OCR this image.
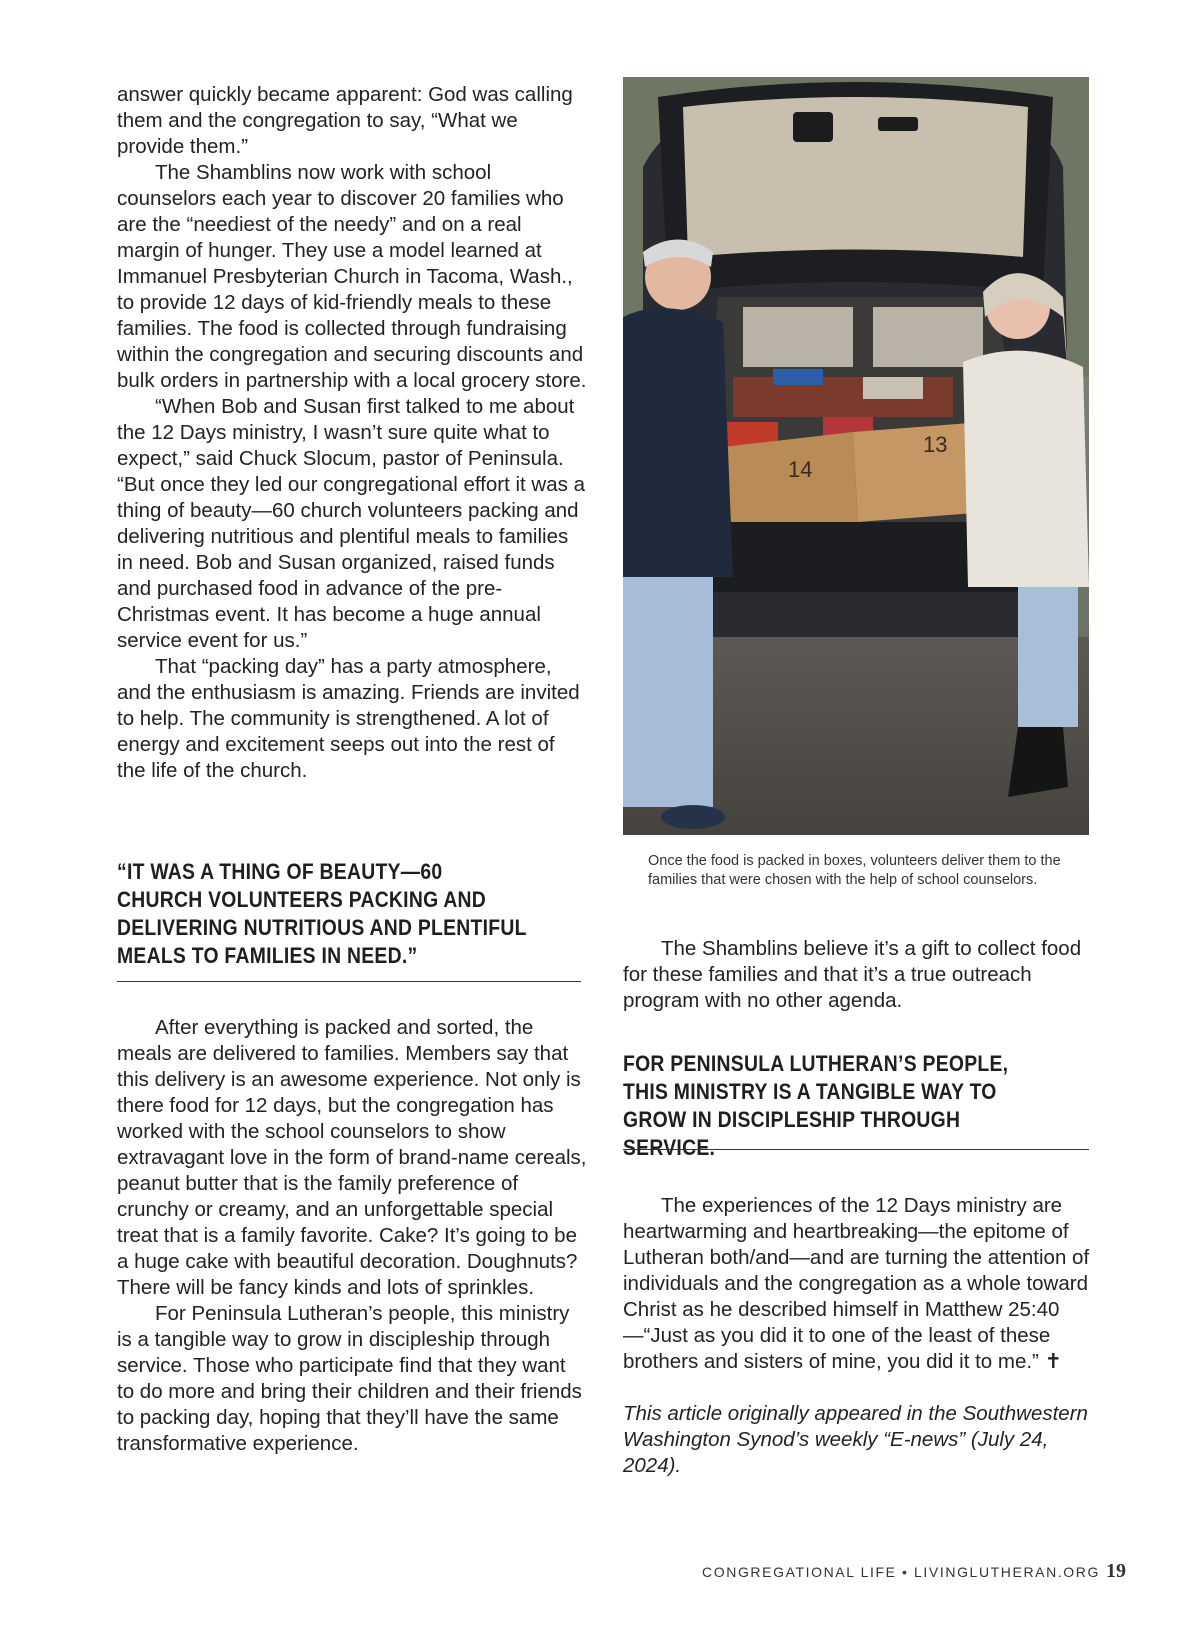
answer quickly became apparent: God was calling them and the congregation to say, “What we provide them.”

The Shamblins now work with school counselors each year to discover 20 families who are the “neediest of the needy” and on a real margin of hunger. They use a model learned at Immanuel Presbyterian Church in Tacoma, Wash., to provide 12 days of kid-friendly meals to these families. The food is collected through fundraising within the congregation and securing discounts and bulk orders in partnership with a local grocery store.

“When Bob and Susan first talked to me about the 12 Days ministry, I wasn’t sure quite what to expect,” said Chuck Slocum, pastor of Peninsula. “But once they led our congregational effort it was a thing of beauty—60 church volunteers packing and delivering nutritious and plentiful meals to families in need. Bob and Susan organized, raised funds and purchased food in advance of the pre-Christmas event. It has become a huge annual service event for us.”

That “packing day” has a party atmosphere, and the enthusiasm is amazing. Friends are invited to help. The community is strengthened. A lot of energy and excitement seeps out into the rest of the life of the church.

“IT WAS A THING OF BEAUTY—60 CHURCH VOLUNTEERS PACKING AND DELIVERING NUTRITIOUS AND PLENTIFUL MEALS TO FAMILIES IN NEED.”

After everything is packed and sorted, the meals are delivered to families. Members say that this delivery is an awesome experience. Not only is there food for 12 days, but the congregation has worked with the school counselors to show extravagant love in the form of brand-name cereals, peanut butter that is the family preference of crunchy or creamy, and an unforgettable special treat that is a family favorite. Cake? It’s going to be a huge cake with beautiful decoration. Doughnuts? There will be fancy kinds and lots of sprinkles.

For Peninsula Lutheran’s people, this ministry is a tangible way to grow in discipleship through service. Those who participate find that they want to do more and bring their children and their friends to packing day, hoping that they’ll have the same transformative experience.

14
13
Once the food is packed in boxes, volunteers deliver them to the families that were chosen with the help of school counselors.

The Shamblins believe it’s a gift to collect food for these families and that it’s a true outreach program with no other agenda.

FOR PENINSULA LUTHERAN’S PEOPLE, THIS MINISTRY IS A TANGIBLE WAY TO GROW IN DISCIPLESHIP THROUGH SERVICE.

The experiences of the 12 Days ministry are heartwarming and heartbreaking—the epitome of Lutheran both/and—and are turning the attention of individuals and the congregation as a whole toward Christ as he described himself in Matthew 25:40—“Just as you did it to one of the least of these brothers and sisters of mine, you did it to me.” ✝

This article originally appeared in the Southwestern Washington Synod’s weekly “E-news” (July 24, 2024).

CONGREGATIONAL LIFE • LIVINGLUTHERAN.ORG 19
